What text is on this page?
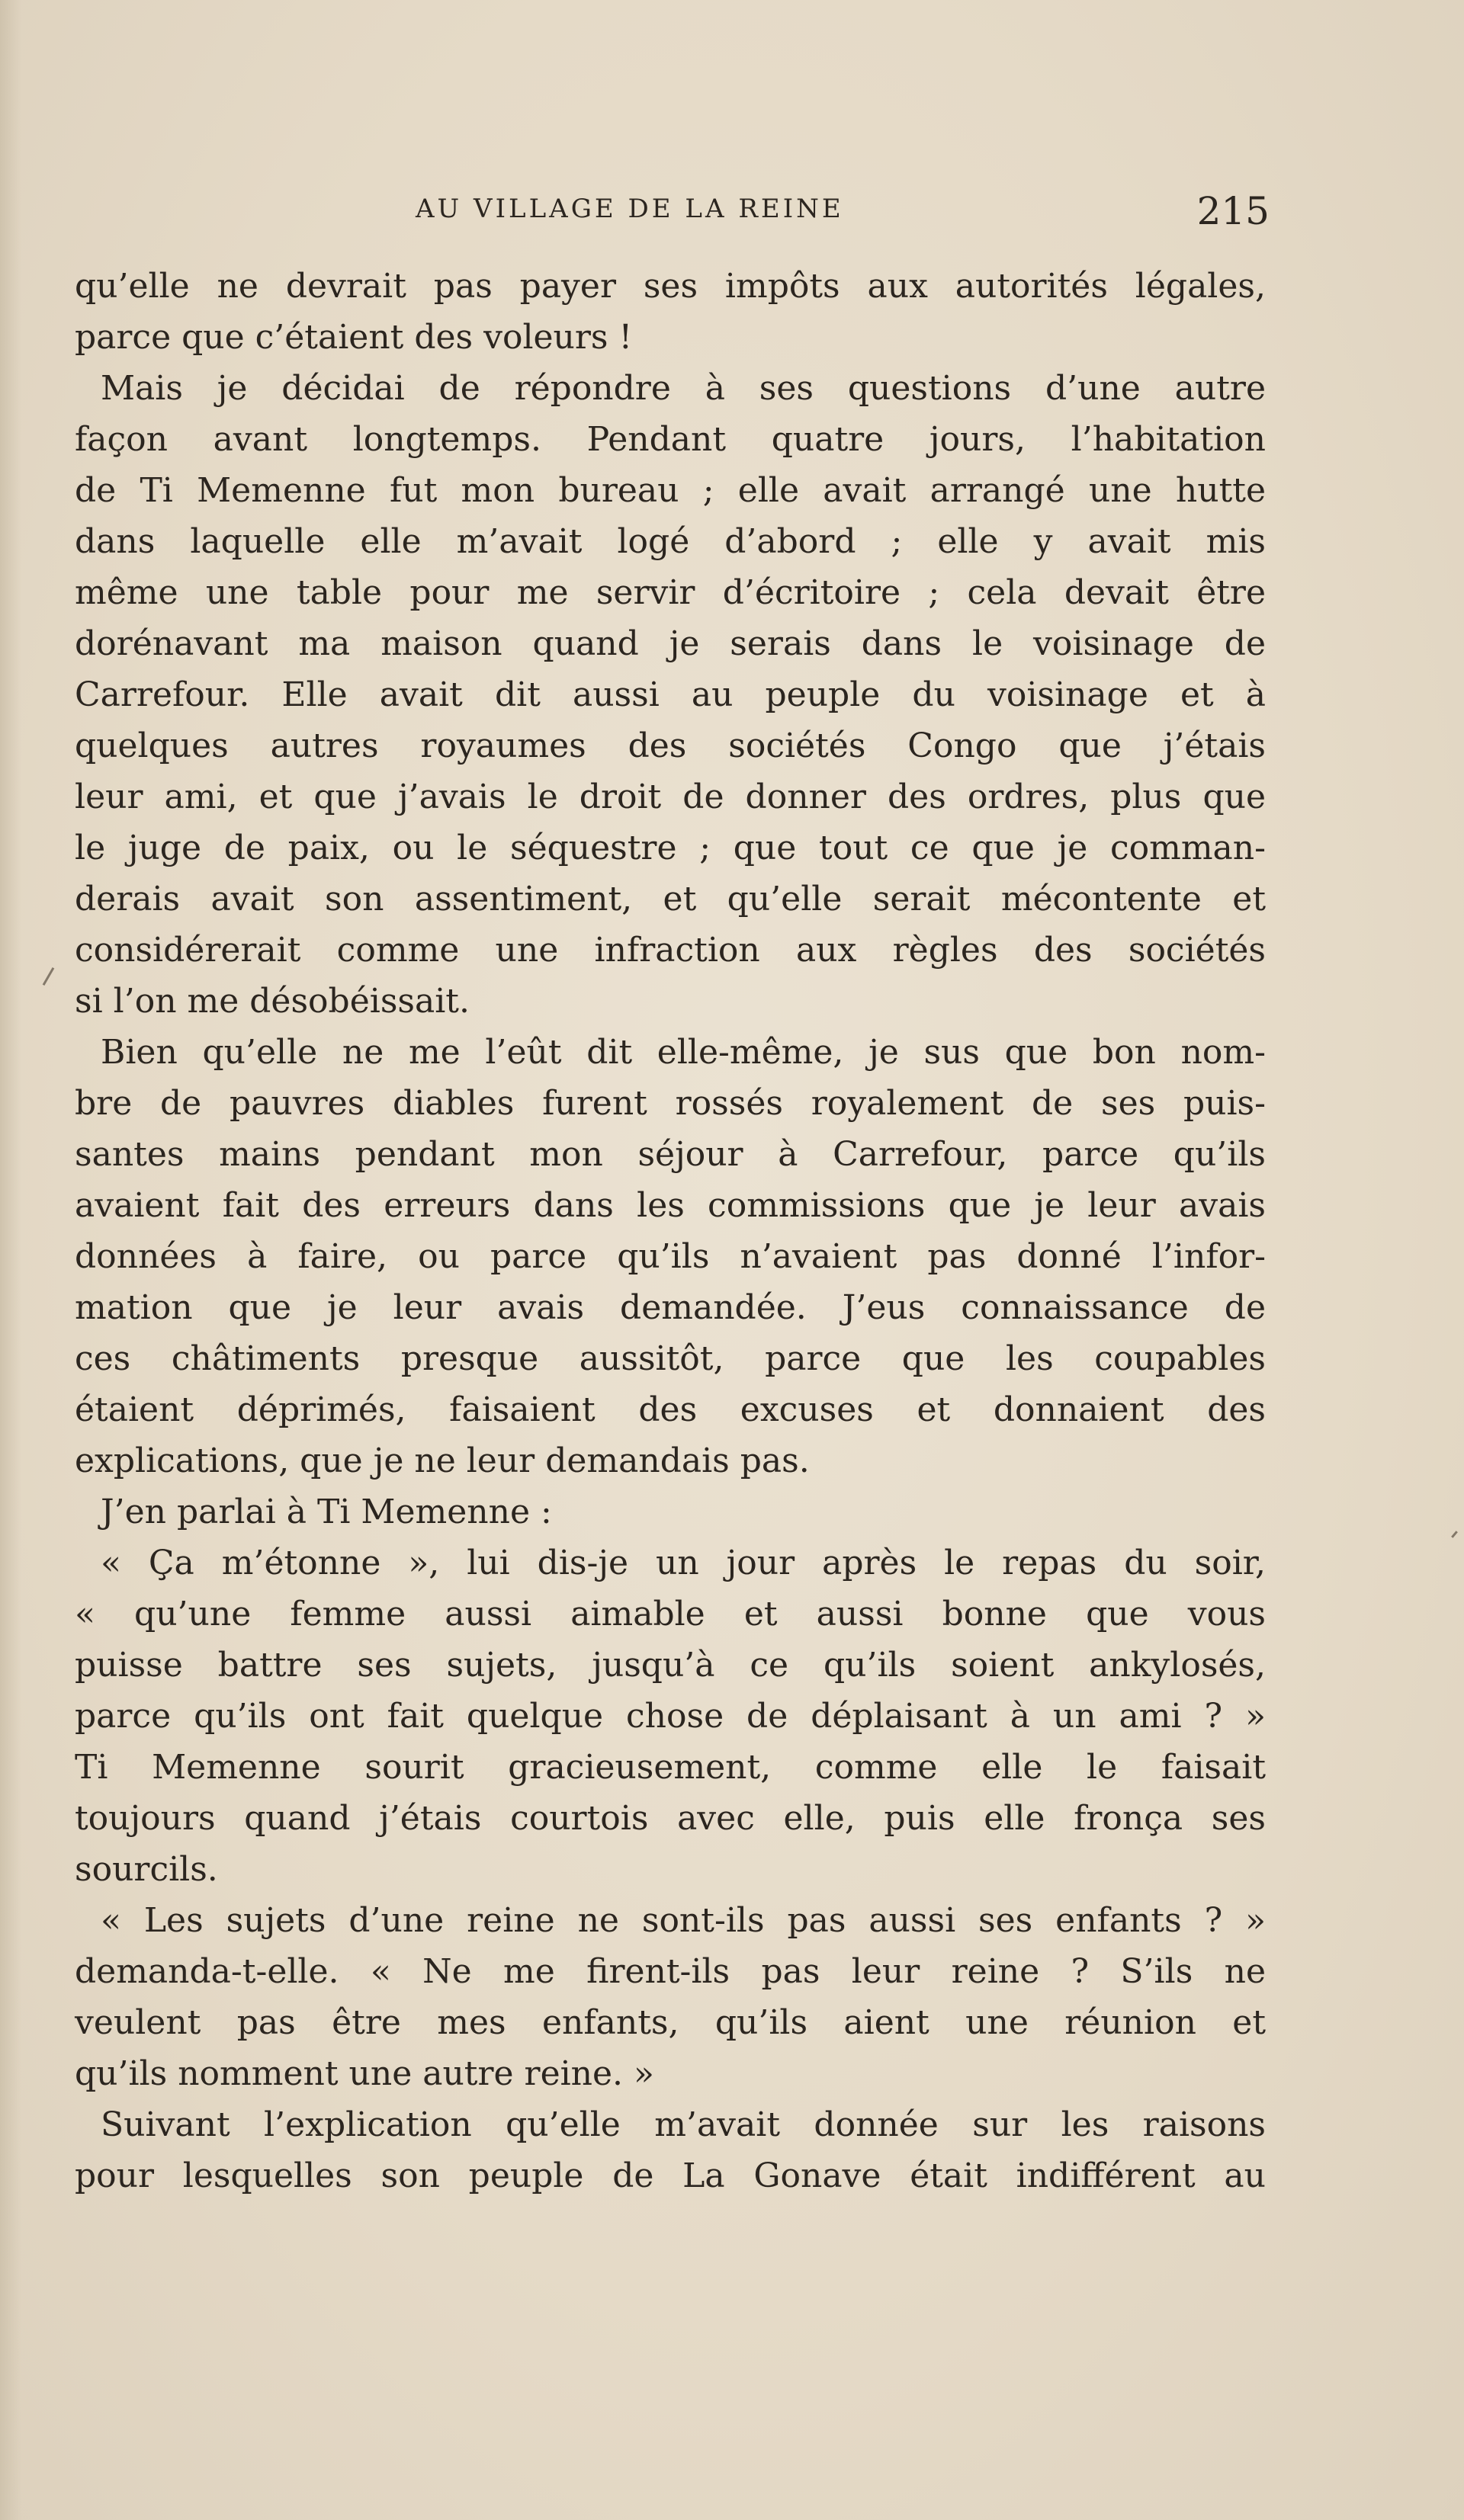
AU VILLAGE DE LA REINE	215

qu’elle ne devrait pas payer ses impôts aux autorités légales,

parce que c’étaient des voleurs !

Mais je décidai de répondre à ses questions d’une autre

façon avant longtemps. Pendant quatre jours, l’habitation

de Ti Memenne fut mon bureau ; elle avait arrangé une hutte

dans laquelle elle m’avait logé d’abord ; elle y avait mis

même une table pour me servir d’écritoire ; cela devait être

dorénavant ma maison quand je serais dans le voisinage de

Carrefour. Elle avait dit aussi au peuple du voisinage et à

quelques autres royaumes des sociétés Congo que j’étais

leur ami, et que j’avais le droit de donner des ordres, plus que

le juge de paix, ou le séquestre ; que tout ce que je comman-

derais avait son assentiment, et qu’elle serait mécontente et

considérerait comme une infraction aux règles des sociétés

si l’on me désobéissait.

Bien qu’elle ne me l’eût dit elle-même, je sus que bon nom-

bre de pauvres diables furent rossés royalement de ses puis-

santes mains pendant mon séjour à Carrefour, parce qu’ils

avaient fait des erreurs dans les commissions que je leur avais

données à faire, ou parce qu’ils n’avaient pas donné l’infor-

mation que je leur avais demandée. J’eus connaissance de

ces châtiments presque aussitôt, parce que les coupables

étaient déprimés, faisaient des excuses et donnaient des

explications, que je ne leur demandais pas.

J’en parlai à Ti Memenne :

« Ça m’étonne », lui dis-je un jour après le repas du soir,

« qu’une femme aussi aimable et aussi bonne que vous

puisse battre ses sujets, jusqu’à ce qu’ils soient ankylosés,

parce qu’ils ont fait quelque chose de déplaisant à un ami ? »

Ti Memenne sourit gracieusement, comme elle le faisait

toujours quand j’étais courtois avec elle, puis elle fronça ses

sourcils.

« Les sujets d’une reine ne sont-ils pas aussi ses enfants ? »

demanda-t-elle. « Ne me firent-ils pas leur reine ? S’ils ne

veulent pas être mes enfants, qu’ils aient une réunion et

qu’ils nomment une autre reine. »

Suivant l’explication qu’elle m’avait donnée sur les raisons

pour lesquelles son peuple de La Gonave était indifférent au
